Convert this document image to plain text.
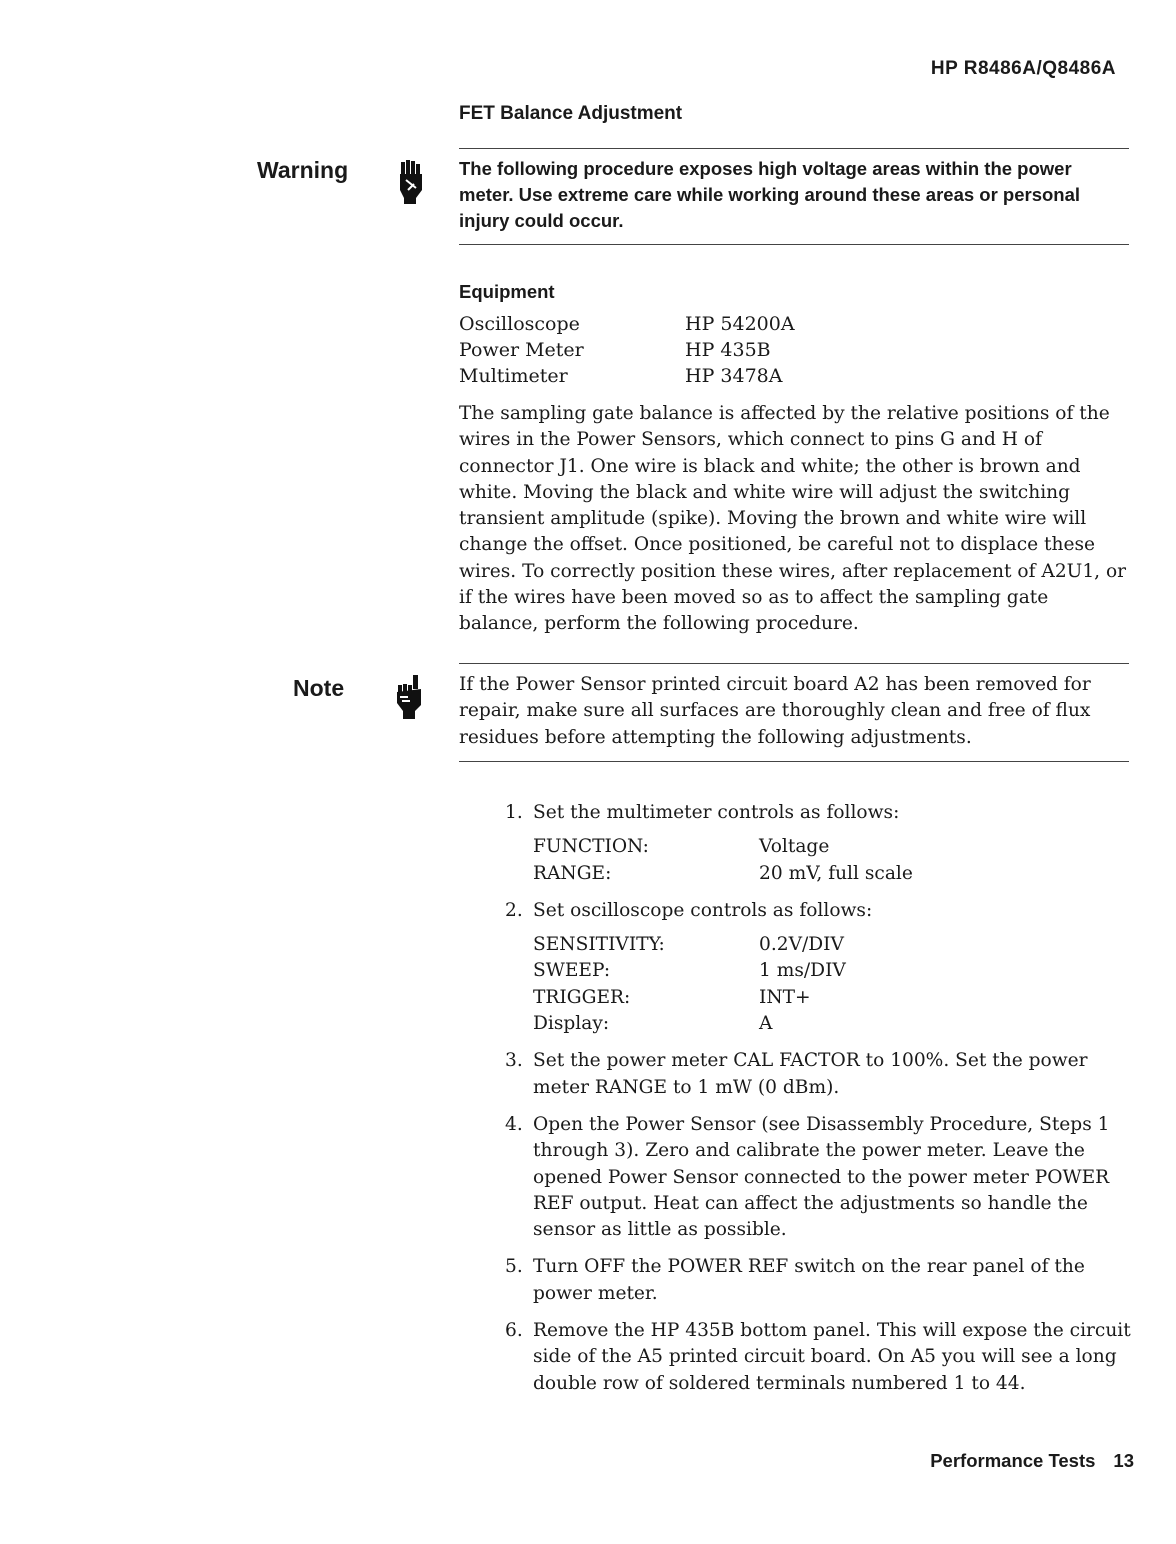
HP R8486A/Q8486A
FET Balance Adjustment
Warning	The following procedure exposes high voltage areas within the power meter. Use extreme care while working around these areas or personal injury could occur.
Equipment
Oscilloscope	HP 54200A
Power Meter	HP 435B
Multimeter	HP 3478A
The sampling gate balance is affected by the relative positions of the wires in the Power Sensors, which connect to pins G and H of connector J1. One wire is black and white; the other is brown and white. Moving the black and white wire will adjust the switching transient amplitude (spike). Moving the brown and white wire will change the offset. Once positioned, be careful not to displace these wires. To correctly position these wires, after replacement of A2U1, or if the wires have been moved so as to affect the sampling gate balance, perform the following procedure.
Note	If the Power Sensor printed circuit board A2 has been removed for repair, make sure all surfaces are thoroughly clean and free of flux residues before attempting the following adjustments.
1. Set the multimeter controls as follows:
FUNCTION:	Voltage
RANGE:	20 mV, full scale
2. Set oscilloscope controls as follows:
SENSITIVITY:	0.2V/DIV
SWEEP:	1 ms/DIV
TRIGGER:	INT+
Display:	A
3. Set the power meter CAL FACTOR to 100%. Set the power meter RANGE to 1 mW (0 dBm).
4. Open the Power Sensor (see Disassembly Procedure, Steps 1 through 3). Zero and calibrate the power meter. Leave the opened Power Sensor connected to the power meter POWER REF output. Heat can affect the adjustments so handle the sensor as little as possible.
5. Turn OFF the POWER REF switch on the rear panel of the power meter.
6. Remove the HP 435B bottom panel. This will expose the circuit side of the A5 printed circuit board. On A5 you will see a long double row of soldered terminals numbered 1 to 44.
Performance Tests 13
